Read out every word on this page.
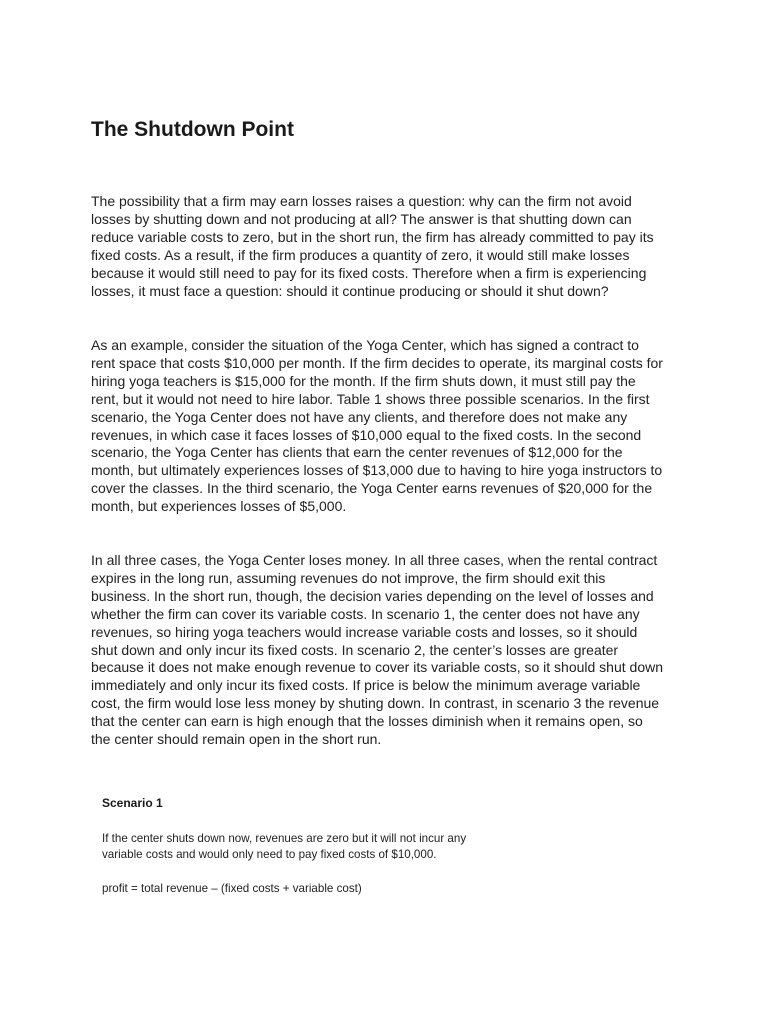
The Shutdown Point

The possibility that a firm may earn losses raises a question: why can the firm not avoid losses by shutting down and not producing at all? The answer is that shutting down can reduce variable costs to zero, but in the short run, the firm has already committed to pay its fixed costs. As a result, if the firm produces a quantity of zero, it would still make losses because it would still need to pay for its fixed costs. Therefore when a firm is experiencing losses, it must face a question: should it continue producing or should it shut down?

As an example, consider the situation of the Yoga Center, which has signed a contract to rent space that costs $10,000 per month. If the firm decides to operate, its marginal costs for hiring yoga teachers is $15,000 for the month. If the firm shuts down, it must still pay the rent, but it would not need to hire labor. Table 1 shows three possible scenarios. In the first scenario, the Yoga Center does not have any clients, and therefore does not make any revenues, in which case it faces losses of $10,000 equal to the fixed costs. In the second scenario, the Yoga Center has clients that earn the center revenues of $12,000 for the month, but ultimately experiences losses of $13,000 due to having to hire yoga instructors to cover the classes. In the third scenario, the Yoga Center earns revenues of $20,000 for the month, but experiences losses of $5,000.

In all three cases, the Yoga Center loses money. In all three cases, when the rental contract expires in the long run, assuming revenues do not improve, the firm should exit this business. In the short run, though, the decision varies depending on the level of losses and whether the firm can cover its variable costs. In scenario 1, the center does not have any revenues, so hiring yoga teachers would increase variable costs and losses, so it should shut down and only incur its fixed costs. In scenario 2, the center’s losses are greater because it does not make enough revenue to cover its variable costs, so it should shut down immediately and only incur its fixed costs. If price is below the minimum average variable cost, the firm would lose less money by shuting down. In contrast, in scenario 3 the revenue that the center can earn is high enough that the losses diminish when it remains open, so the center should remain open in the short run.

Scenario 1

If the center shuts down now, revenues are zero but it will not incur any variable costs and would only need to pay fixed costs of $10,000.

profit = total revenue – (fixed costs + variable cost)
